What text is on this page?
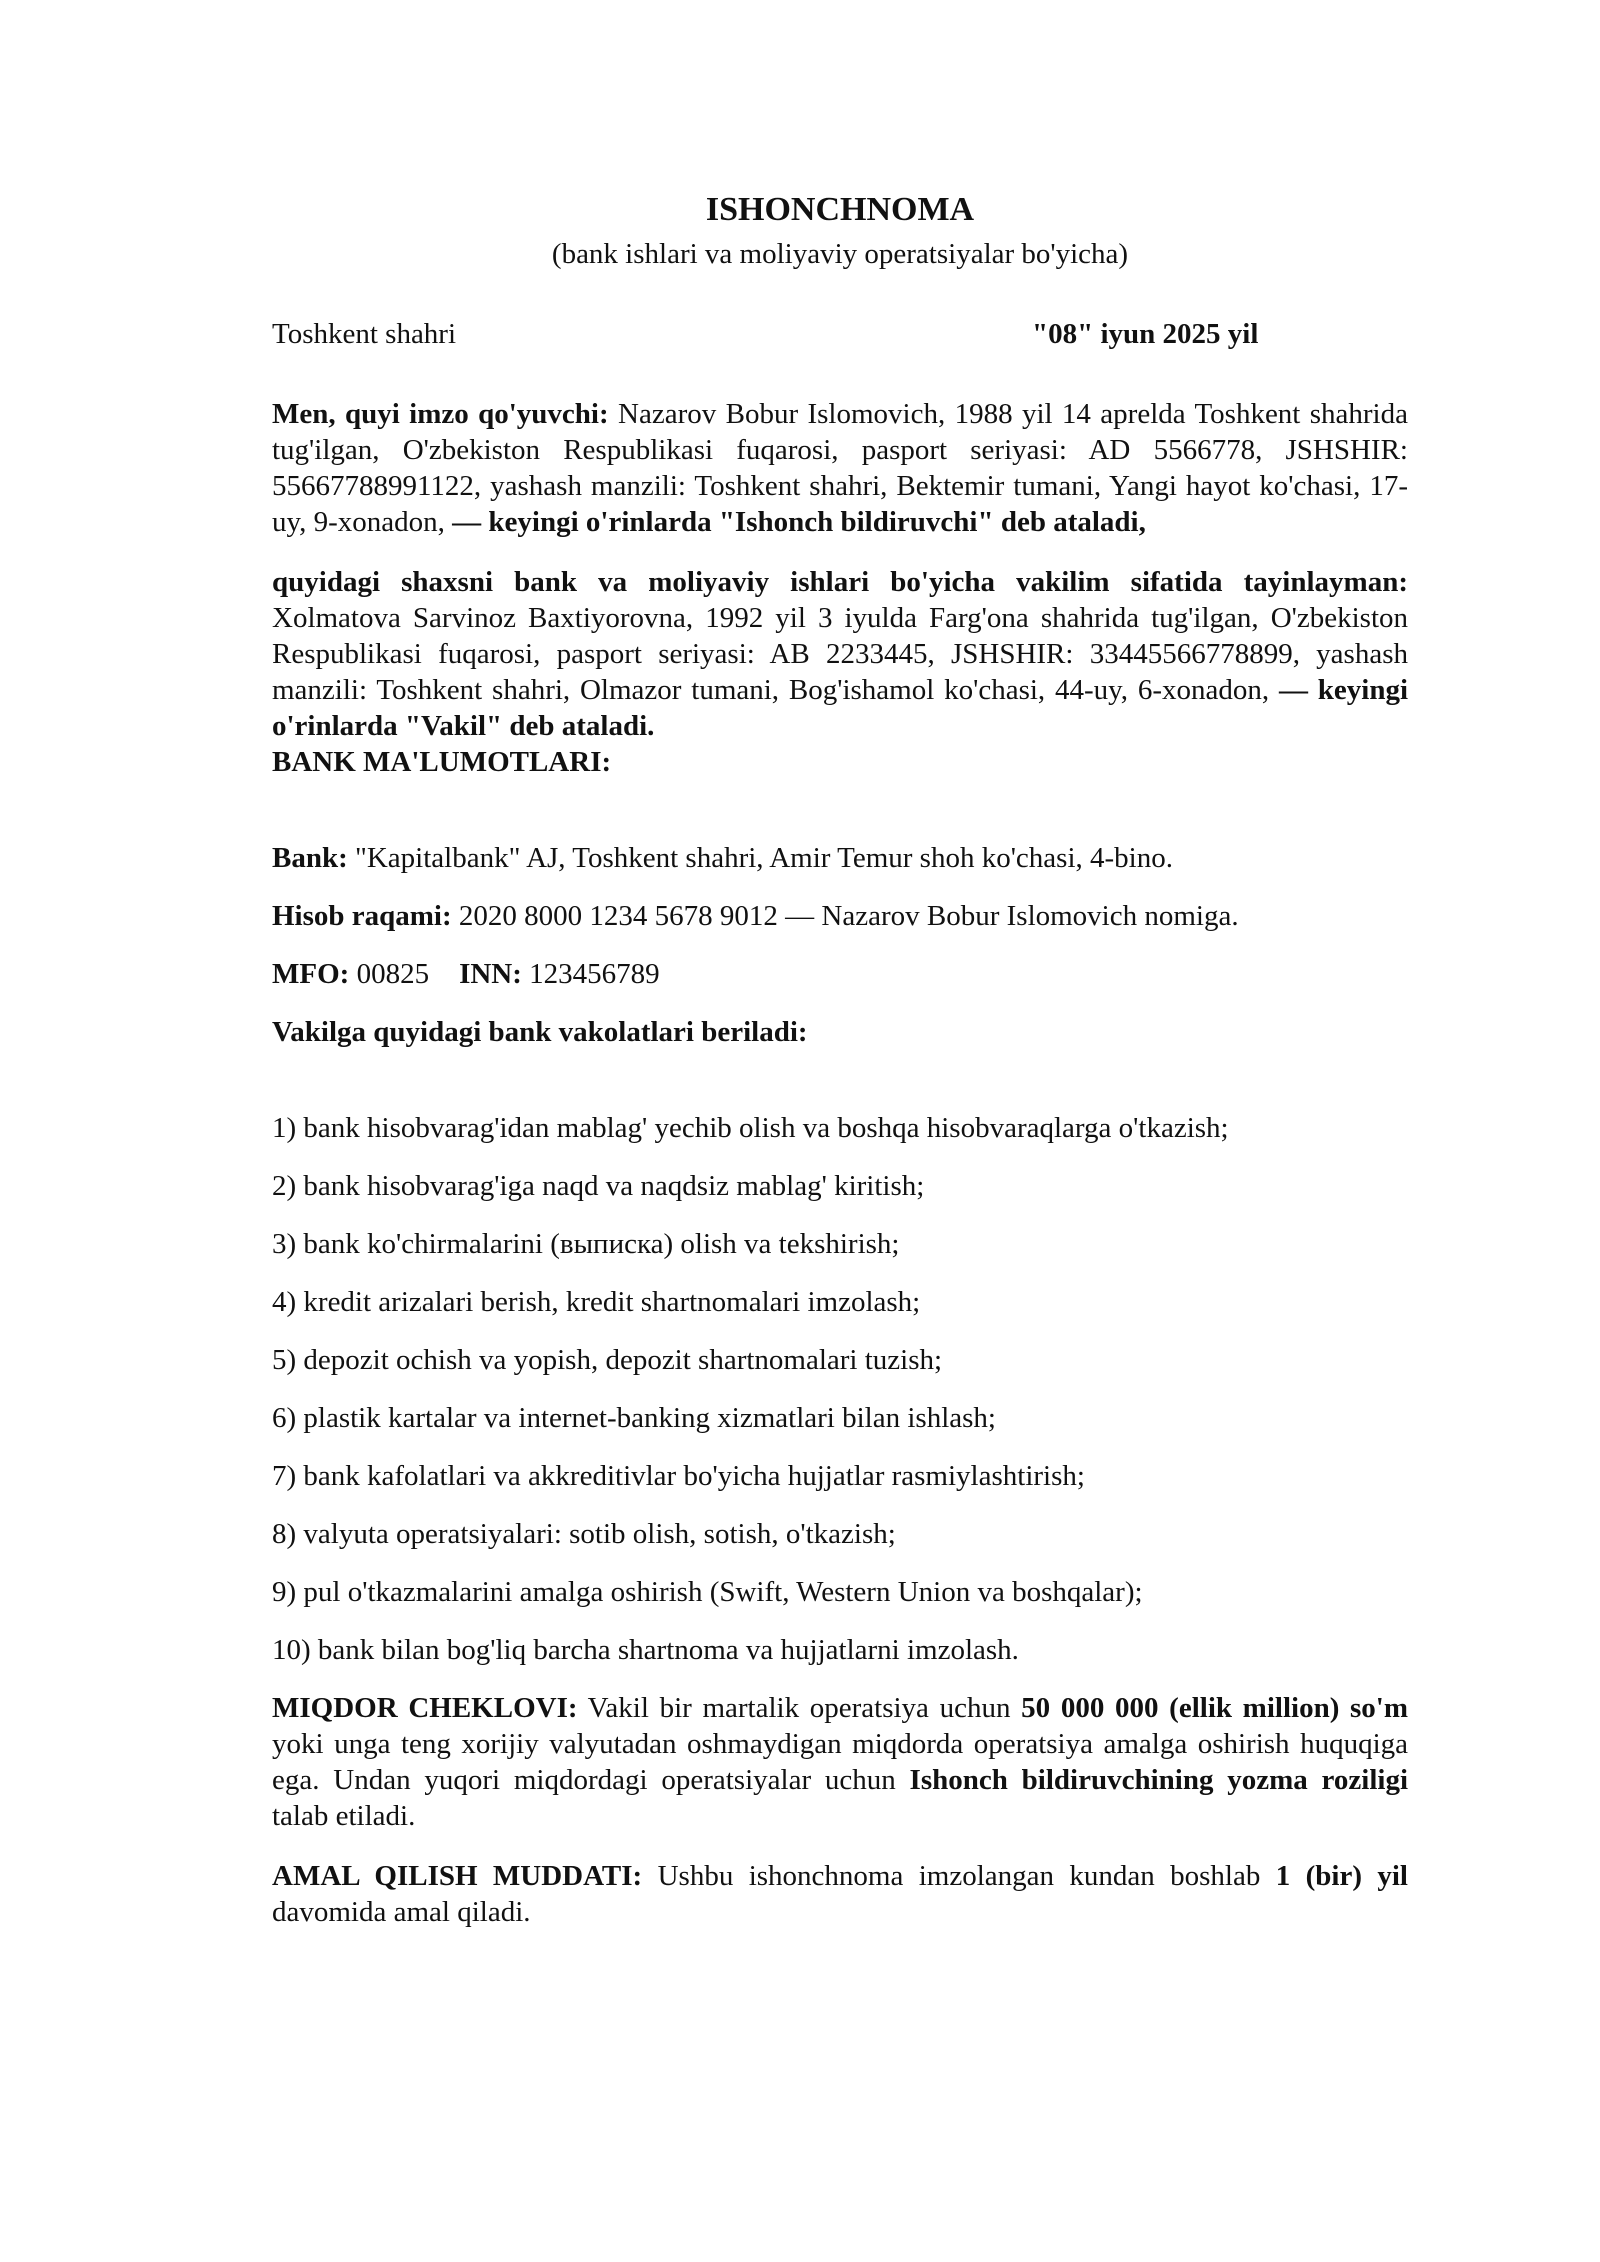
ISHONCHNOMA

(bank ishlari va moliyaviy operatsiyalar bo'yicha)

Toshkent shahri	"08" iyun 2025 yil

Men, quyi imzo qo'yuvchi: Nazarov Bobur Islomovich, 1988 yil 14 aprelda Toshkent shahrida tug'ilgan, O'zbekiston Respublikasi fuqarosi, pasport seriyasi: AD 5566778, JSHSHIR: 55667788991122, yashash manzili: Toshkent shahri, Bektemir tumani, Yangi hayot ko'chasi, 17-uy, 9-xonadon, — keyingi o'rinlarda "Ishonch bildiruvchi" deb ataladi,

quyidagi shaxsni bank va moliyaviy ishlari bo'yicha vakilim sifatida tayinlayman: Xolmatova Sarvinoz Baxtiyorovna, 1992 yil 3 iyulda Farg'ona shahrida tug'ilgan, O'zbekiston Respublikasi fuqarosi, pasport seriyasi: AB 2233445, JSHSHIR: 33445566778899, yashash manzili: Toshkent shahri, Olmazor tumani, Bog'ishamol ko'chasi, 44-uy, 6-xonadon, — keyingi o'rinlarda "Vakil" deb ataladi.

BANK MA'LUMOTLARI:

Bank: "Kapitalbank" AJ, Toshkent shahri, Amir Temur shoh ko'chasi, 4-bino.

Hisob raqami: 2020 8000 1234 5678 9012 — Nazarov Bobur Islomovich nomiga.

MFO: 00825 INN: 123456789

Vakilga quyidagi bank vakolatlari beriladi:

1) bank hisobvarag'idan mablag' yechib olish va boshqa hisobvaraqlarga o'tkazish;
2) bank hisobvarag'iga naqd va naqdsiz mablag' kiritish;
3) bank ko'chirmalarini (выписка) olish va tekshirish;
4) kredit arizalari berish, kredit shartnomalari imzolash;
5) depozit ochish va yopish, depozit shartnomalari tuzish;
6) plastik kartalar va internet-banking xizmatlari bilan ishlash;
7) bank kafolatlari va akkreditivlar bo'yicha hujjatlar rasmiylashtirish;
8) valyuta operatsiyalari: sotib olish, sotish, o'tkazish;
9) pul o'tkazmalarini amalga oshirish (Swift, Western Union va boshqalar);
10) bank bilan bog'liq barcha shartnoma va hujjatlarni imzolash.

MIQDOR CHEKLOVI: Vakil bir martalik operatsiya uchun 50 000 000 (ellik million) so'm yoki unga teng xorijiy valyutadan oshmaydigan miqdorda operatsiya amalga oshirish huquqiga ega. Undan yuqori miqdordagi operatsiyalar uchun Ishonch bildiruvchining yozma roziligi talab etiladi.

AMAL QILISH MUDDATI: Ushbu ishonchnoma imzolangan kundan boshlab 1 (bir) yil davomida amal qiladi.
